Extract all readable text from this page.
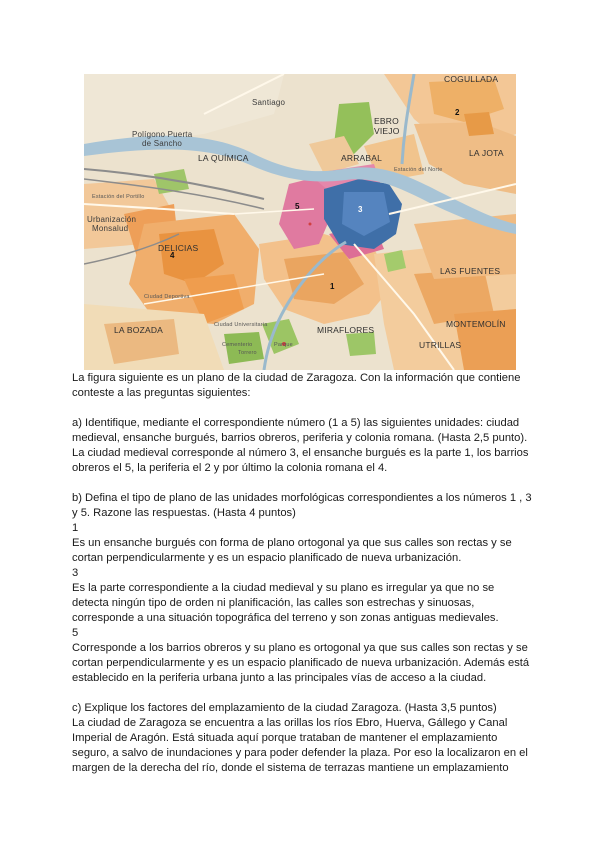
COGULLADA
Santiago
Polígono Puerta
de Sancho
EBRO
VIEJO
LA JOTA
LA QUÍMICA	ARRABAL
Estación del Norte
Estación del Portillo
Urbanización
Monsalud
DELICIAS
LAS FUENTES
MONTEMOLÍN
UTRILLAS
LA BOZADA	MIRAFLORES
Ciudad Universitaria
Cementerio
Ciudad Deportiva
Parque
Torrero
1
2
3
4
5

La figura siguiente es un plano de la ciudad de Zaragoza. Con la información que contiene

conteste a las preguntas siguientes:

a) Identifique, mediante el correspondiente número (1 a 5) las siguientes unidades: ciudad

medieval, ensanche burgués, barrios obreros, periferia y colonia romana. (Hasta 2,5 punto).

La ciudad medieval corresponde al número 3, el ensanche burgués es la parte 1, los barrios

obreros el 5, la periferia el 2 y por último la colonia romana el 4.

b) Defina el tipo de plano de las unidades morfológicas correspondientes a los números 1 , 3

y 5. Razone las respuestas. (Hasta 4 puntos)

1

Es un ensanche burgués con forma de plano ortogonal ya que sus calles son rectas y se

cortan perpendicularmente y es un espacio planificado de nueva urbanización.

3

Es la parte correspondiente a la ciudad medieval y su plano es irregular ya que no se

detecta ningún tipo de orden ni planificación, las calles son estrechas y sinuosas,

corresponde a una situación topográfica del terreno y son zonas antiguas medievales.

5

Corresponde a los barrios obreros y su plano es ortogonal ya que sus calles son rectas y se

cortan perpendicularmente y es un espacio planificado de nueva urbanización. Además está

establecido en la periferia urbana junto a las principales vías de acceso a la ciudad.

c) Explique los factores del emplazamiento de la ciudad Zaragoza. (Hasta 3,5 puntos)

La ciudad de Zaragoza se encuentra a las orillas los ríos Ebro, Huerva, Gállego y Canal

Imperial de Aragón. Está situada aquí porque trataban de mantener el emplazamiento

seguro, a salvo de inundaciones y para poder defender la plaza. Por eso la localizaron en el

margen de la derecha del río, donde el sistema de terrazas mantiene un emplazamiento
